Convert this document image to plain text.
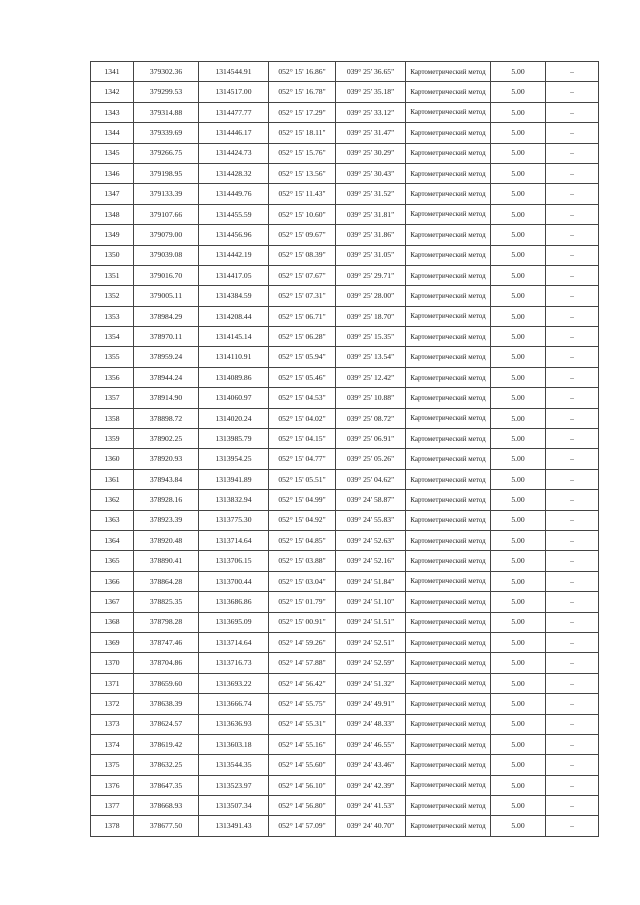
1341	379302.36	1314544.91	052° 15' 16.86"	039° 25' 36.65"	Картометрический метод	5.00	–
1342	379299.53	1314517.00	052° 15' 16.78"	039° 25' 35.18"	Картометрический метод	5.00	–
1343	379314.88	1314477.77	052° 15' 17.29"	039° 25' 33.12"	Картометрический метод	5.00	–
1344	379339.69	1314446.17	052° 15' 18.11"	039° 25' 31.47"	Картометрический метод	5.00	–
1345	379266.75	1314424.73	052° 15' 15.76"	039° 25' 30.29"	Картометрический метод	5.00	–
1346	379198.95	1314428.32	052° 15' 13.56"	039° 25' 30.43"	Картометрический метод	5.00	–
1347	379133.39	1314449.76	052° 15' 11.43"	039° 25' 31.52"	Картометрический метод	5.00	–
1348	379107.66	1314455.59	052° 15' 10.60"	039° 25' 31.81"	Картометрический метод	5.00	–
1349	379079.00	1314456.96	052° 15' 09.67"	039° 25' 31.86"	Картометрический метод	5.00	–
1350	379039.08	1314442.19	052° 15' 08.39"	039° 25' 31.05"	Картометрический метод	5.00	–
1351	379016.70	1314417.05	052° 15' 07.67"	039° 25' 29.71"	Картометрический метод	5.00	–
1352	379005.11	1314384.59	052° 15' 07.31"	039° 25' 28.00"	Картометрический метод	5.00	–
1353	378984.29	1314208.44	052° 15' 06.71"	039° 25' 18.70"	Картометрический метод	5.00	–
1354	378970.11	1314145.14	052° 15' 06.28"	039° 25' 15.35"	Картометрический метод	5.00	–
1355	378959.24	1314110.91	052° 15' 05.94"	039° 25' 13.54"	Картометрический метод	5.00	–
1356	378944.24	1314089.86	052° 15' 05.46"	039° 25' 12.42"	Картометрический метод	5.00	–
1357	378914.90	1314060.97	052° 15' 04.53"	039° 25' 10.88"	Картометрический метод	5.00	–
1358	378898.72	1314020.24	052° 15' 04.02"	039° 25' 08.72"	Картометрический метод	5.00	–
1359	378902.25	1313985.79	052° 15' 04.15"	039° 25' 06.91"	Картометрический метод	5.00	–
1360	378920.93	1313954.25	052° 15' 04.77"	039° 25' 05.26"	Картометрический метод	5.00	–
1361	378943.84	1313941.89	052° 15' 05.51"	039° 25' 04.62"	Картометрический метод	5.00	–
1362	378928.16	1313832.94	052° 15' 04.99"	039° 24' 58.87"	Картометрический метод	5.00	–
1363	378923.39	1313775.30	052° 15' 04.92"	039° 24' 55.83"	Картометрический метод	5.00	–
1364	378920.48	1313714.64	052° 15' 04.85"	039° 24' 52.63"	Картометрический метод	5.00	–
1365	378890.41	1313706.15	052° 15' 03.88"	039° 24' 52.16"	Картометрический метод	5.00	–
1366	378864.28	1313700.44	052° 15' 03.04"	039° 24' 51.84"	Картометрический метод	5.00	–
1367	378825.35	1313686.86	052° 15' 01.79"	039° 24' 51.10"	Картометрический метод	5.00	–
1368	378798.28	1313695.09	052° 15' 00.91"	039° 24' 51.51"	Картометрический метод	5.00	–
1369	378747.46	1313714.64	052° 14' 59.26"	039° 24' 52.51"	Картометрический метод	5.00	–
1370	378704.86	1313716.73	052° 14' 57.88"	039° 24' 52.59"	Картометрический метод	5.00	–
1371	378659.60	1313693.22	052° 14' 56.42"	039° 24' 51.32"	Картометрический метод	5.00	–
1372	378638.39	1313666.74	052° 14' 55.75"	039° 24' 49.91"	Картометрический метод	5.00	–
1373	378624.57	1313636.93	052° 14' 55.31"	039° 24' 48.33"	Картометрический метод	5.00	–
1374	378619.42	1313603.18	052° 14' 55.16"	039° 24' 46.55"	Картометрический метод	5.00	–
1375	378632.25	1313544.35	052° 14' 55.60"	039° 24' 43.46"	Картометрический метод	5.00	–
1376	378647.35	1313523.97	052° 14' 56.10"	039° 24' 42.39"	Картометрический метод	5.00	–
1377	378668.93	1313507.34	052° 14' 56.80"	039° 24' 41.53"	Картометрический метод	5.00	–
1378	378677.50	1313491.43	052° 14' 57.09"	039° 24' 40.70"	Картометрический метод	5.00	–
